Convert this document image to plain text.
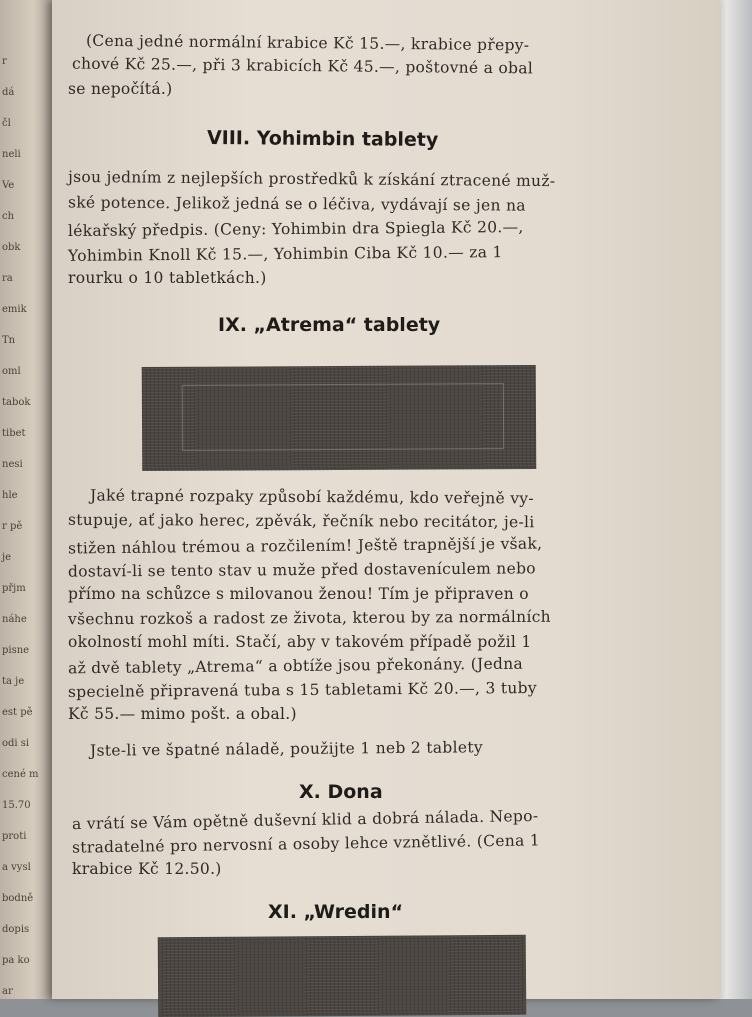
r
dá
čl
neli
Ve
ch
obk
ra
emik
Tn
oml
tabok
tibet
nesi
hle
r pě
je
přjm
náhe
pisne
ta je
est pě
odi si
cené m
15.70
proti
a vysl
bodně
dopis
pa ko
ar
(Cena jedné normální krabice Kč 15.—, krabice přepy-
chové Kč 25.—, při 3 krabicích Kč 45.—, poštovné a obal
se nepočítá.)
VIII. Yohimbin tablety
jsou jedním z nejlepších prostředků k získání ztracené muž-
ské potence. Jelikož jedná se o léčiva, vydávají se jen na
lékařský předpis. (Ceny: Yohimbin dra Spiegla Kč 20.—,
Yohimbin Knoll Kč 15.—, Yohimbin Ciba Kč 10.— za 1
rourku o 10 tabletkách.)
IX. „Atrema“ tablety
Jaké trapné rozpaky způsobí každému, kdo veřejně vy-
stupuje, ať jako herec, zpěvák, řečník nebo recitátor, je-li
stižen náhlou trémou a rozčilením! Ještě trapnější je však,
dostaví-li se tento stav u muže před dostavenículem nebo
přímo na schůzce s milovanou ženou! Tím je připraven o
všechnu rozkoš a radost ze života, kterou by za normálních
okolností mohl míti. Stačí, aby v takovém případě požil 1
až dvě tablety „Atrema“ a obtíže jsou překonány. (Jedna
specielně připravená tuba s 15 tabletami Kč 20.—, 3 tuby
Kč 55.— mimo pošt. a obal.)
Jste-li ve špatné náladě, použijte 1 neb 2 tablety
X. Dona
a vrátí se Vám opětně duševní klid a dobrá nálada. Nepo-
stradatelné pro nervosní a osoby lehce vznětlivé. (Cena 1
krabice Kč 12.50.)
XI. „Wredin“
